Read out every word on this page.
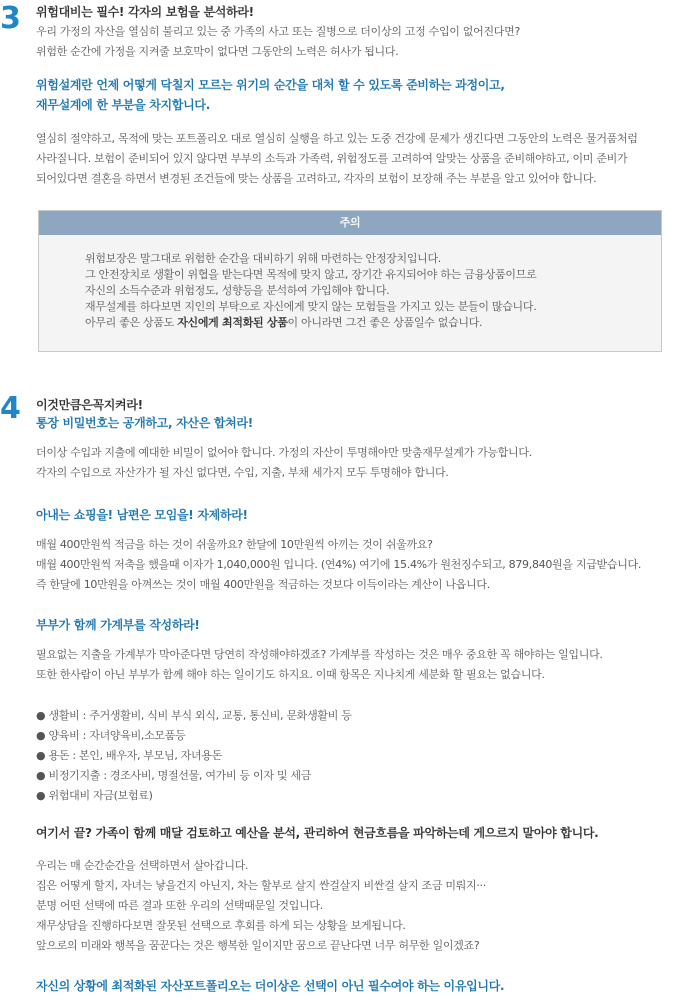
3 위험대비는 필수! 각자의 보험을 분석하라!
우리 가정의 자산을 열심히 불리고 있는 중 가족의 사고 또는 질병으로 더이상의 고정 수입이 없어진다면?
위험한 순간에 가정을 지켜줄 보호막이 없다면 그동안의 노력은 허사가 됩니다.
위험설계란 언제 어떻게 닥칠지 모르는 위기의 순간을 대처 할 수 있도록 준비하는 과정이고,
재무설계에 한 부분을 차지합니다.
열심히 절약하고, 목적에 맞는 포트폴리오 대로 열심히 실행을 하고 있는 도중 건강에 문제가 생긴다면 그동안의 노력은 물거품처럼
사라질니다. 보험이 준비되어 있지 않다면 부부의 소득과 가족력, 위험정도를 고려하여 알맞는 상품을 준비해야하고, 이미 준비가
되어있다면 결혼을 하면서 변경된 조건들에 맞는 상품을 고려하고, 각자의 보험이 보장해 주는 부분을 알고 있어야 합니다.
주의
위험보장은 말그대로 위험한 순간을 대비하기 위해 마련하는 안정장치입니다.
그 안전장치로 생활이 위협을 받는다면 목적에 맞지 않고, 장기간 유지되어야 하는 금융상품이므로
자신의 소득수준과 위험정도, 성향등을 분석하여 가입해야 합니다.
재무설계를 하다보면 지인의 부탁으로 자신에게 맞지 않는 모험들을 가지고 있는 분들이 많습니다.
아무리 좋은 상품도 자신에게 최적화된 상품이 아니라면 그건 좋은 상품일수 없습니다.
4 이것만큼은꼭지켜라!
통장 비밀번호는 공개하고, 자산은 합쳐라!
더이상 수입과 지출에 예대한 비밀이 없어야 합니다. 가정의 자산이 투명해야만 맞춤재무설계가 가능합니다.
각자의 수입으로 자산가가 될 자신 없다면, 수입, 지출, 부채 세가지 모두 투명해야 합니다.
아내는 쇼핑을! 남편은 모임을! 자제하라!
매월 400만원씩 적금을 하는 것이 쉬울까요? 한달에 10만원씩 아끼는 것이 쉬울까요?
매월 400만원씩 저축을 했을때 이자가 1,040,000원 입니다. (연4%) 여기에 15.4%가 원천징수되고, 879,840원을 지급받습니다.
즉 한달에 10만원을 아껴쓰는 것이 매월 400만원을 적금하는 것보다 이득이라는 계산이 나옵니다.
부부가 함께 가계부를 작성하라!
필요없는 지출을 가계부가 막아준다면 당연히 작성해야하겠죠? 가계부를 작성하는 것은 매우 중요한 꼭 해야하는 일입니다.
또한 한사람이 아닌 부부가 함께 해야 하는 일이기도 하지요. 이때 항목은 지나치게 세분화 할 필요는 없습니다.
● 생활비 : 주거생활비, 식비 부식 외식, 교통, 통신비, 문화생활비 등
● 양육비 : 자녀양육비,소모품등
● 용돈 : 본인, 배우자, 부모님, 자녀용돈
● 비정기지출 : 경조사비, 명절선물, 여가비 등 이자 및 세금
● 위험대비 자금(보험료)
여기서 끝? 가족이 함께 매달 검토하고 예산을 분석, 관리하여 현금흐름을 파악하는데 게으르지 말아야 합니다.
우리는 매 순간순간을 선택하면서 살아갑니다.
집은 어떻게 할지, 자녀는 낳을건지 아닌지, 차는 할부로 살지 싼걸살지 비싼걸 살지 조금 미뤄지···
분명 어떤 선택에 따른 결과 또한 우리의 선택때문일 것입니다.
재무상담을 진행하다보면 잘못된 선택으로 후회를 하게 되는 상황을 보게됩니다.
앞으로의 미래와 행복을 꿈꾼다는 것은 행복한 일이지만 꿈으로 끝난다면 너무 허무한 일이겠죠?
자신의 상황에 최적화된 자산포트폴리오는 더이상은 선택이 아닌 필수여야 하는 이유입니다.
